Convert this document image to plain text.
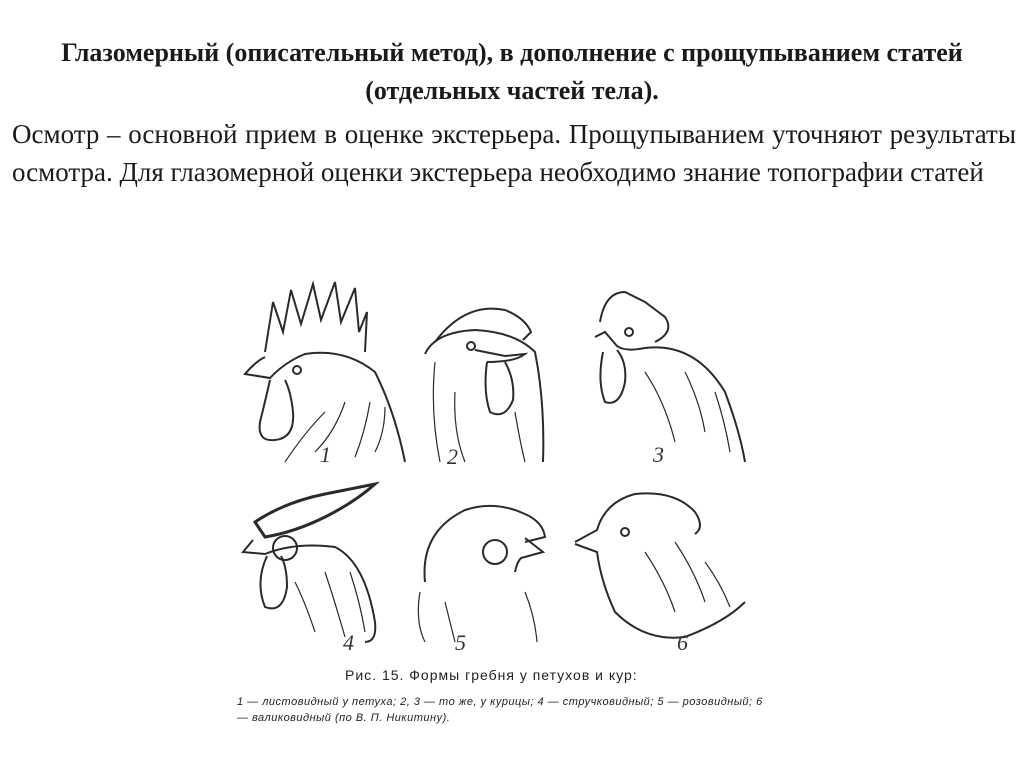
Глазомерный (описательный метод), в дополнение с прощупыванием статей (отдельных частей тела).

Осмотр – основной прием в оценке экстерьера. Прощупыванием уточняют результаты осмотра. Для глазомерной оценки экстерьера необходимо знание топографии статей

1	2	3
4	5	6
Рис. 15. Формы гребня у петухов и кур:
1 — листовидный у петуха; 2, 3 — то же, у курицы; 4 — стручковидный; 5 — розовидный; 6 — валиковидный (по В. П. Никитину).
